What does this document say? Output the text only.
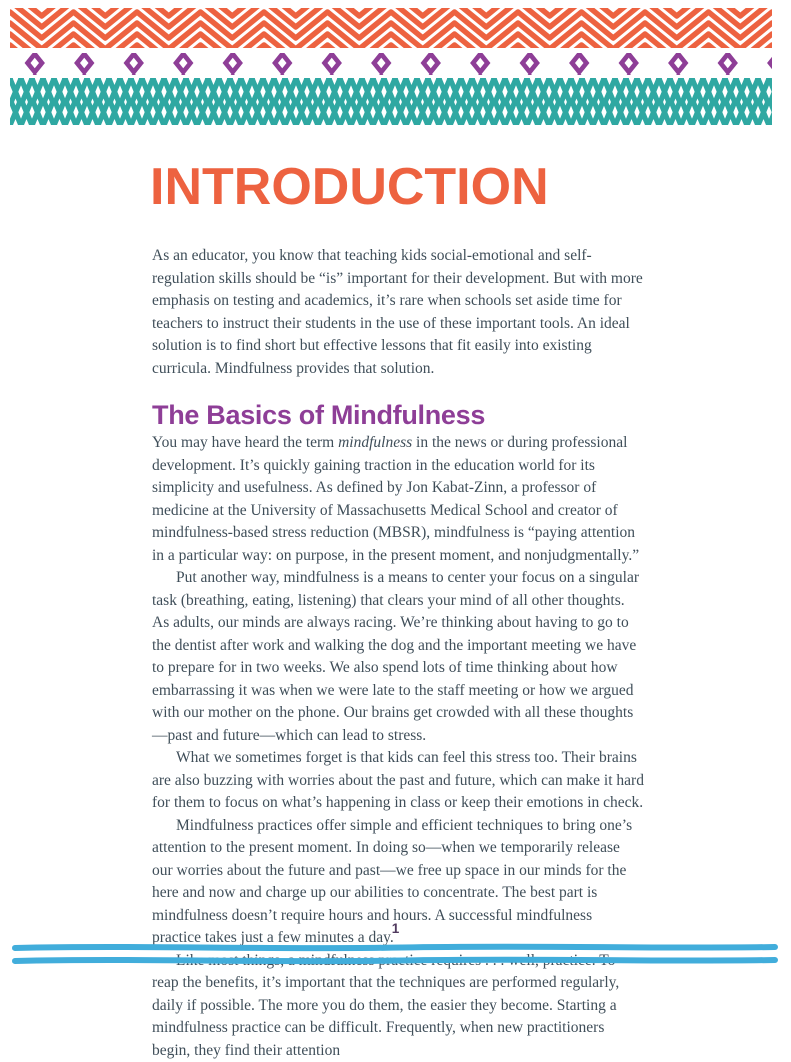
INTRODUCTION

As an educator, you know that teaching kids social-emotional and self-regulation skills should be “is” important for their development. But with more emphasis on testing and academics, it’s rare when schools set aside time for teachers to instruct their students in the use of these important tools. An ideal solution is to find short but effective lessons that fit easily into existing curricula. Mindfulness provides that solution.

The Basics of Mindfulness

You may have heard the term mindfulness in the news or during professional development. It’s quickly gaining traction in the education world for its simplicity and usefulness. As defined by Jon Kabat-Zinn, a professor of medicine at the University of Massachusetts Medical School and creator of mindfulness-based stress reduction (MBSR), mindfulness is “paying attention in a particular way: on purpose, in the present moment, and nonjudgmentally.”

Put another way, mindfulness is a means to center your focus on a singular task (breathing, eating, listening) that clears your mind of all other thoughts. As adults, our minds are always racing. We’re thinking about having to go to the dentist after work and walking the dog and the important meeting we have to prepare for in two weeks. We also spend lots of time thinking about how embarrassing it was when we were late to the staff meeting or how we argued with our mother on the phone. Our brains get crowded with all these thoughts—past and future—which can lead to stress.

What we sometimes forget is that kids can feel this stress too. Their brains are also buzzing with worries about the past and future, which can make it hard for them to focus on what’s happening in class or keep their emotions in check.

Mindfulness practices offer simple and efficient techniques to bring one’s attention to the present moment. In doing so—when we temporarily release our worries about the future and past—we free up space in our minds for the here and now and charge up our abilities to concentrate. The best part is mindfulness doesn’t require hours and hours. A successful mindfulness practice takes just a few minutes a day.

Like most things, a mindfulness practice requires . . . well, practice. To reap the benefits, it’s important that the techniques are performed regularly, daily if possible. The more you do them, the easier they become. Starting a mindfulness practice can be difficult. Frequently, when new practitioners begin, they find their attention

1
